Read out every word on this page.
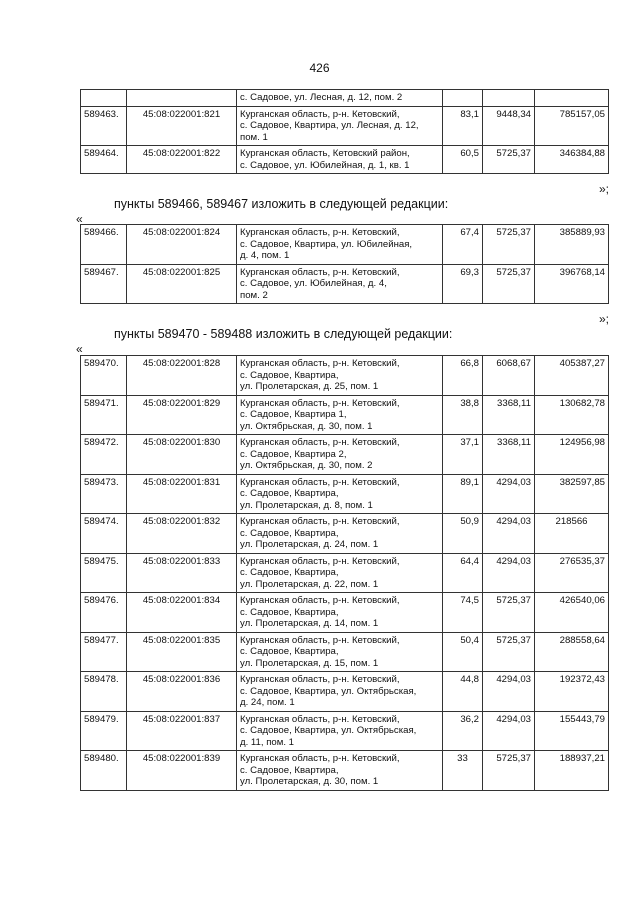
426

		с. Садовое, ул. Лесная, д. 12, пом. 2			

589463.	45:08:022001:821	Курганская область, р-н. Кетовский,
с. Садовое, Квартира, ул. Лесная, д. 12,
пом. 1	83,1	9448,34	785157,05
589464.	45:08:022001:822	Курганская область, Кетовский район,
с. Садовое, ул. Юбилейная, д. 1, кв. 1	60,5	5725,37	346384,88
»;
пункты 589466, 589467 изложить в следующей редакции:
«
589466.	45:08:022001:824	Курганская область, р-н. Кетовский,
с. Садовое, Квартира, ул. Юбилейная,
д. 4, пом. 1	67,4	5725,37	385889,93
589467.	45:08:022001:825	Курганская область, р-н. Кетовский,
с. Садовое, ул. Юбилейная, д. 4,
пом. 2	69,3	5725,37	396768,14
»;
пункты 589470 - 589488 изложить в следующей редакции:
«
589470.	45:08:022001:828	Курганская область, р-н. Кетовский,
с. Садовое, Квартира,
ул. Пролетарская, д. 25, пом. 1	66,8	6068,67	405387,27
589471.	45:08:022001:829	Курганская область, р-н. Кетовский,
с. Садовое, Квартира 1,
ул. Октябрьская, д. 30, пом. 1	38,8	3368,11	130682,78
589472.	45:08:022001:830	Курганская область, р-н. Кетовский,
с. Садовое, Квартира 2,
ул. Октябрьская, д. 30, пом. 2	37,1	3368,11	124956,98
589473.	45:08:022001:831	Курганская область, р-н. Кетовский,
с. Садовое, Квартира,
ул. Пролетарская, д. 8, пом. 1	89,1	4294,03	382597,85
589474.	45:08:022001:832	Курганская область, р-н. Кетовский,
с. Садовое, Квартира,
ул. Пролетарская, д. 24, пом. 1	50,9	4294,03	218566
589475.	45:08:022001:833	Курганская область, р-н. Кетовский,
с. Садовое, Квартира,
ул. Пролетарская, д. 22, пом. 1	64,4	4294,03	276535,37
589476.	45:08:022001:834	Курганская область, р-н. Кетовский,
с. Садовое, Квартира,
ул. Пролетарская, д. 14, пом. 1	74,5	5725,37	426540,06
589477.	45:08:022001:835	Курганская область, р-н. Кетовский,
с. Садовое, Квартира,
ул. Пролетарская, д. 15, пом. 1	50,4	5725,37	288558,64
589478.	45:08:022001:836	Курганская область, р-н. Кетовский,
с. Садовое, Квартира, ул. Октябрьская,
д. 24, пом. 1	44,8	4294,03	192372,43
589479.	45:08:022001:837	Курганская область, р-н. Кетовский,
с. Садовое, Квартира, ул. Октябрьская,
д. 11, пом. 1	36,2	4294,03	155443,79
589480.	45:08:022001:839	Курганская область, р-н. Кетовский,
с. Садовое, Квартира,
ул. Пролетарская, д. 30, пом. 1	33	5725,37	188937,21
